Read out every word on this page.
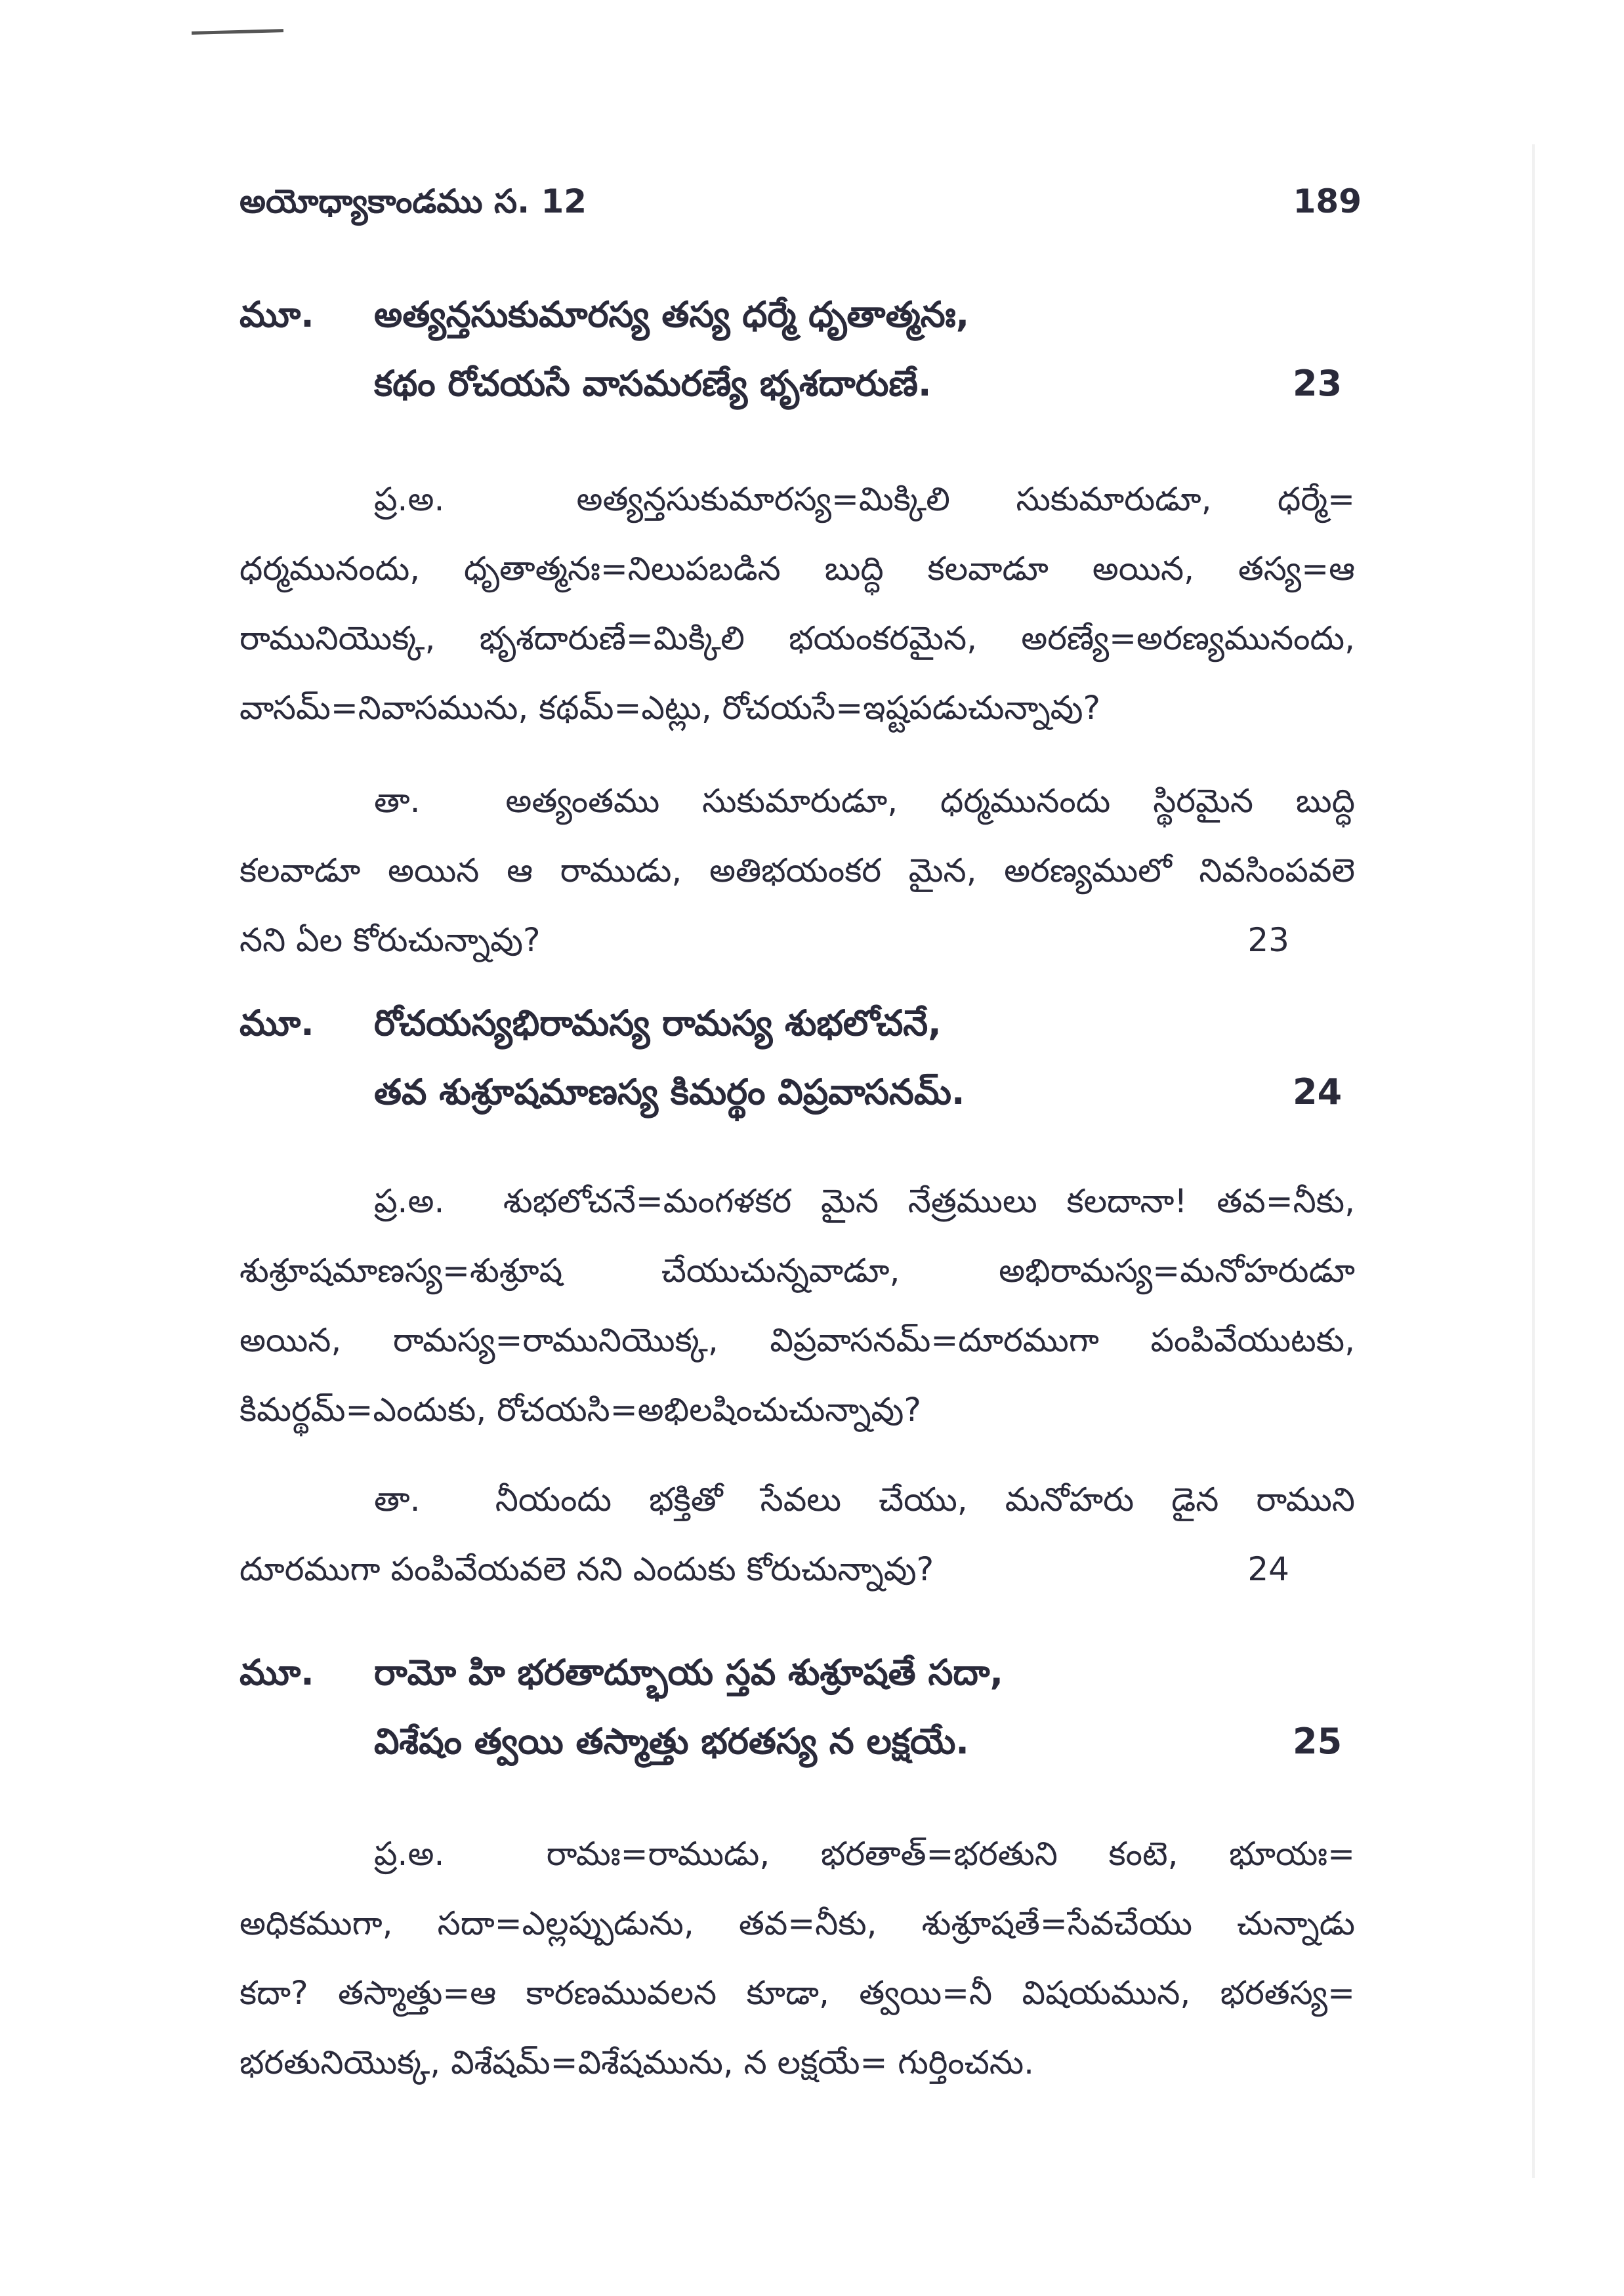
అయోధ్యాకాండము స. 12	189
మూ. అత్యన్తసుకుమారస్య తస్య ధర్మే ధృతాత్మనః,
కథం రోచయసే వాసమరణ్యే భృశదారుణే.	23

ప్ర.అ.	అత్యన్తసుకుమారస్య=మిక్కిలి సుకుమారుడూ, ధర్మే=

ధర్మమునందు, ధృతాత్మనః=నిలుపబడిన బుద్ధి కలవాడూ అయిన, తస్య=ఆ

రామునియొక్క, భృశదారుణే=మిక్కిలి భయంకరమైన, అరణ్యే=అరణ్యమునందు,

వాసమ్=నివాసమును, కథమ్=ఎట్లు, రోచయసే=ఇష్టపడుచున్నావు?

తా.	అత్యంతము సుకుమారుడూ, ధర్మమునందు స్థిరమైన బుద్ధి

కలవాడూ అయిన ఆ రాముడు, అతిభయంకర మైన, అరణ్యములో నివసింపవలె

నని ఏల కోరుచున్నావు?	23

మూ. రోచయస్యభిరామస్య రామస్య శుభలోచనే,
తవ శుశ్రూషమాణస్య కిమర్థం విప్రవాసనమ్.	24

ప్ర.అ. శుభలోచనే=మంగళకర మైన నేత్రములు కలదానా! తవ=నీకు,

శుశ్రూషమాణస్య=శుశ్రూష చేయుచున్నవాడూ, అభిరామస్య=మనోహరుడూ

అయిన, రామస్య=రామునియొక్క, విప్రవాసనమ్=దూరముగా పంపివేయుటకు,

కిమర్థమ్=ఎందుకు, రోచయసి=అభిలషించుచున్నావు?

తా. నీయందు భక్తితో సేవలు చేయు, మనోహరు డైన రాముని

దూరముగా పంపివేయవలె నని ఎందుకు కోరుచున్నావు?	24

మూ. రామో హి భరతాద్భూయ స్తవ శుశ్రూషతే సదా,
విశేషం త్వయి తస్మాత్తు భరతస్య న లక్షయే.	25

ప్ర.అ.	రామః=రాముడు, భరతాత్=భరతుని కంటె, భూయః=

అధికముగా, సదా=ఎల్లప్పుడును, తవ=నీకు, శుశ్రూషతే=సేవచేయు చున్నాడు

కదా? తస్మాత్తు=ఆ కారణమువలన కూడా, త్వయి=నీ విషయమున, భరతస్య=

భరతునియొక్క, విశేషమ్=విశేషమును, న లక్షయే= గుర్తించను.
